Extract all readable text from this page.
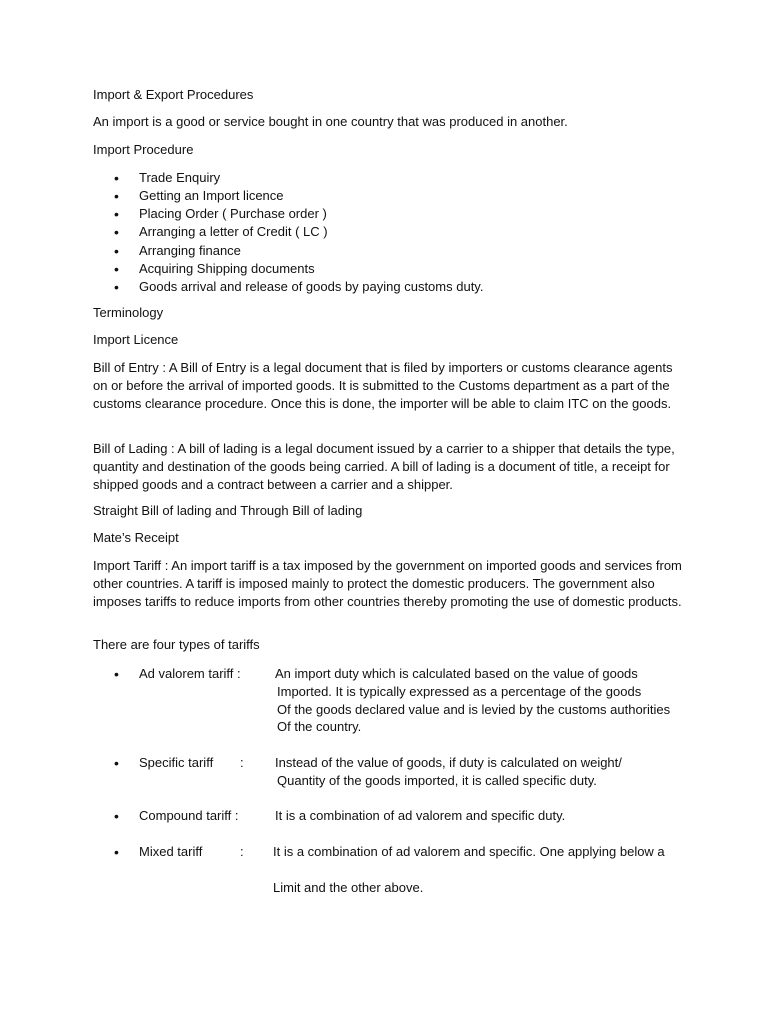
Import & Export Procedures

An import is a good or service bought in one country that was produced in another.

Import Procedure

• Trade Enquiry
• Getting an Import licence
• Placing Order ( Purchase order )
• Arranging a letter of Credit ( LC )
• Arranging finance
• Acquiring Shipping documents
• Goods arrival and release of goods by paying customs duty.

Terminology

Import Licence

Bill of Entry : A Bill of Entry is a legal document that is filed by importers or customs clearance agents on or before the arrival of imported goods. It is submitted to the Customs department as a part of the customs clearance procedure. Once this is done, the importer will be able to claim ITC on the goods.

Bill of Lading : A bill of lading is a legal document issued by a carrier to a shipper that details the type, quantity and destination of the goods being carried. A bill of lading is a document of title, a receipt for shipped goods and a contract between a carrier and a shipper.

Straight Bill of lading and Through Bill of lading

Mate’s Receipt

Import Tariff : An import tariff is a tax imposed by the government on imported goods and services from other countries. A tariff is imposed mainly to protect the domestic producers. The government also imposes tariffs to reduce imports from other countries thereby promoting the use of domestic products.

There are four types of tariffs

• Ad valorem tariff :	An import duty which is calculated based on the value of goods
Imported. It is typically expressed as a percentage of the goods
Of the goods declared value and is levied by the customs authorities
Of the country.
• Specific tariff : Instead of the value of goods, if duty is calculated on weight/
Quantity of the goods imported, it is called specific duty.
• Compound tariff :	It is a combination of ad valorem and specific duty.
• Mixed tariff	: It is a combination of ad valorem and specific. One applying below a
Limit and the other above.
